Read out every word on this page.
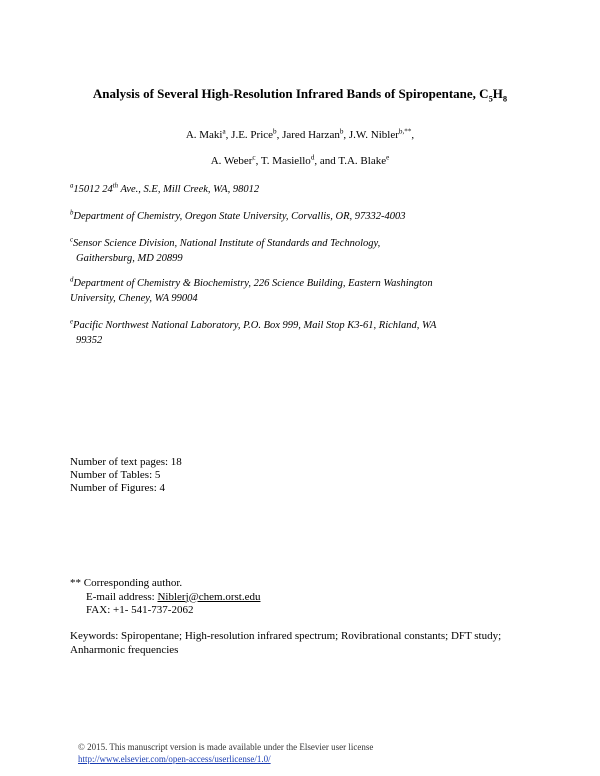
Analysis of Several High-Resolution Infrared Bands of Spiropentane, $C_5H_8$
A. Maki$^a$, J.E. Price$^b$, Jared Harzan$^b$, J.W. Nibler$^{b,**}$,
A. Weber$^c$, T. Masiello$^d$, and T.A. Blake$^e$
$^a$15012 24th Ave., S.E, Mill Creek, WA, 98012
$^b$Department of Chemistry, Oregon State University, Corvallis, OR, 97332-4003
$^c$Sensor Science Division, National Institute of Standards and Technology,
Gaithersburg, MD 20899
$^d$Department of Chemistry & Biochemistry, 226 Science Building, Eastern Washington
University, Cheney, WA 99004
$^e$Pacific Northwest National Laboratory, P.O. Box 999, Mail Stop K3-61, Richland, WA
99352
Number of text pages: 18
Number of Tables: 5
Number of Figures: 4
** Corresponding author.
E-mail address: Niblerj@chem.orst.edu
FAX: +1- 541-737-2062
Keywords: Spiropentane; High-resolution infrared spectrum; Rovibrational constants; DFT study; Anharmonic frequencies
© 2015. This manuscript version is made available under the Elsevier user license
http://www.elsevier.com/open-access/userlicense/1.0/
